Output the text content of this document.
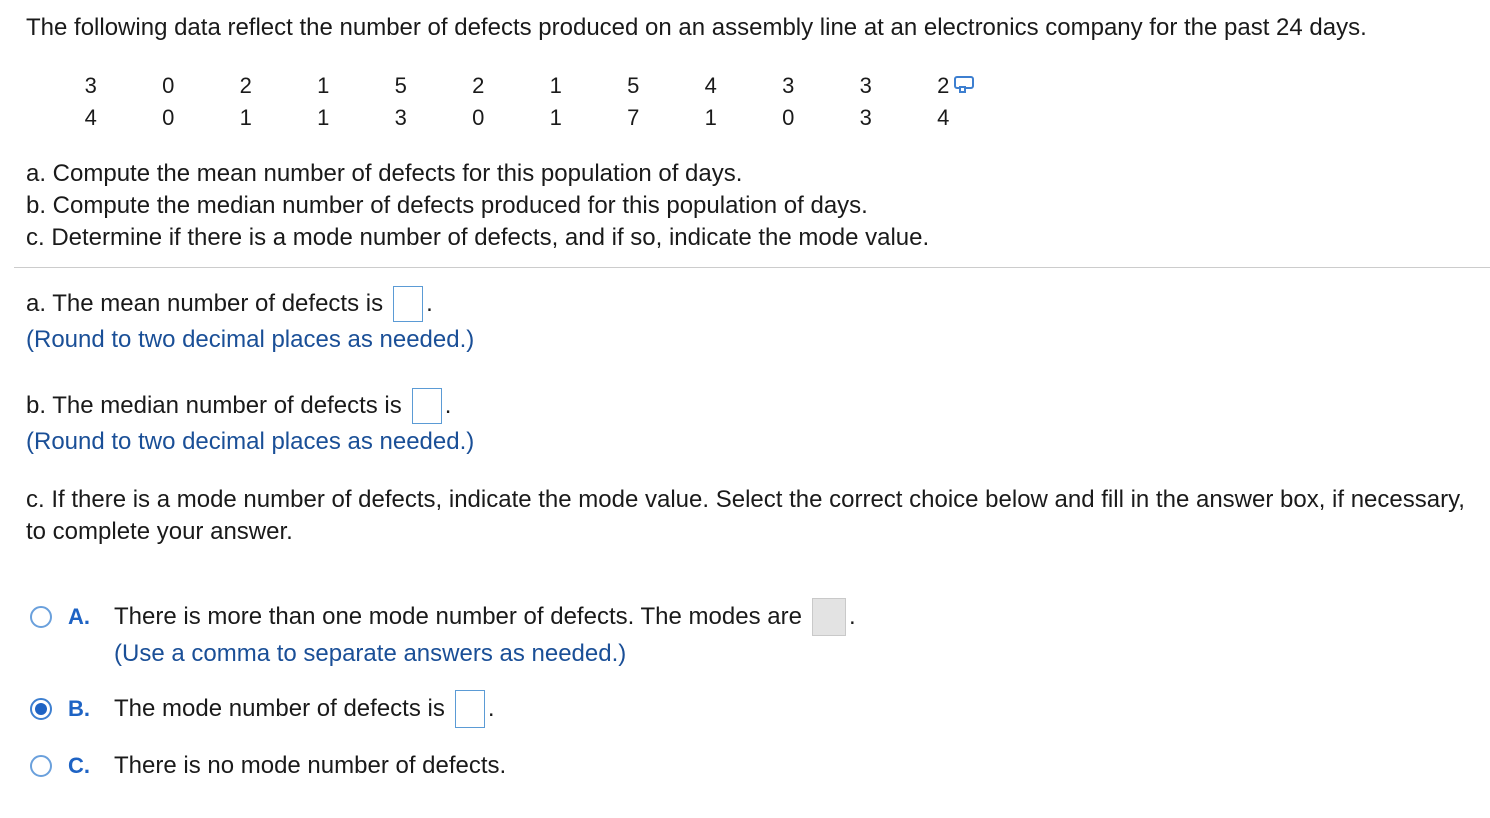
The following data reflect the number of defects produced on an assembly line at an electronics company for the past 24 days.
3	0	2	1	5	2	1	5	4	3	3	2
4	0	1	1	3	0	1	7	1	0	3	4
a. Compute the mean number of defects for this population of days.
b. Compute the median number of defects produced for this population of days.
c. Determine if there is a mode number of defects, and if so, indicate the mode value.
a. The mean number of defects is .
(Round to two decimal places as needed.)
b. The median number of defects is .
(Round to two decimal places as needed.)
c. If there is a mode number of defects, indicate the mode value. Select the correct choice below and fill in the answer box, if necessary, to complete your answer.
A.	There is more than one mode number of defects. The modes are .
(Use a comma to separate answers as needed.)
B.	The mode number of defects is .
C.	There is no mode number of defects.
